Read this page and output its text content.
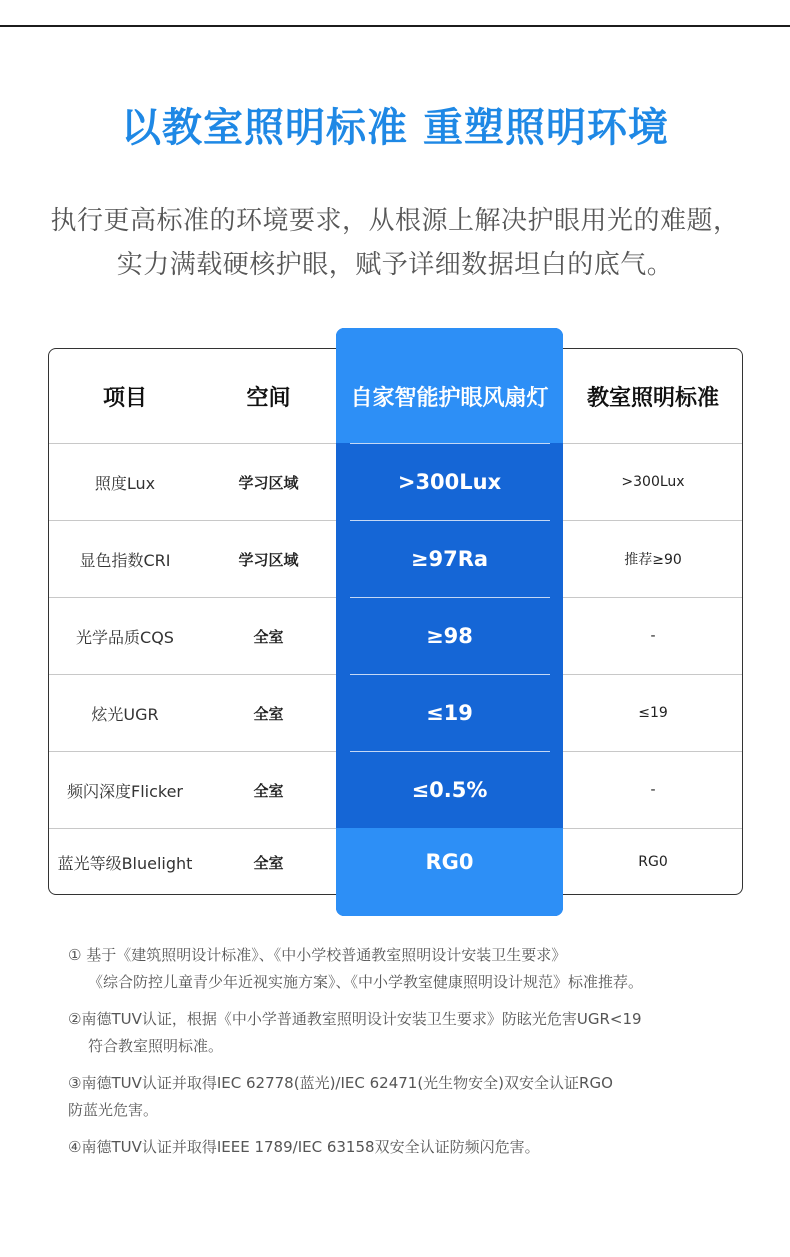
以教室照明标准 重塑照明环境
执行更高标准的环境要求，从根源上解决护眼用光的难题，
实力满载硬核护眼，赋予详细数据坦白的底气。
项目	空间	自家智能护眼风扇灯	教室照明标准
照度Lux	学习区域	>300Lux	>300Lux
显色指数CRI	学习区域	≥97Ra	推荐≥90
光学品质CQS	全室	≥98	-
炫光UGR	全室	≤19	≤19
频闪深度Flicker	全室	≤0.5%	-
蓝光等级Bluelight	全室	RG0	RG0
① 基于《建筑照明设计标准》、《中小学校普通教室照明设计安装卫生要求》
《综合防控儿童青少年近视实施方案》、《中小学教室健康照明设计规范》标准推荐。
②南德TUV认证，根据《中小学普通教室照明设计安装卫生要求》防眩光危害UGR<19
符合教室照明标准。
③南德TUV认证并取得IEC 62778(蓝光)/IEC 62471(光生物安全)双安全认证RGO
防蓝光危害。
④南德TUV认证并取得IEEE 1789/IEC 63158双安全认证防频闪危害。
